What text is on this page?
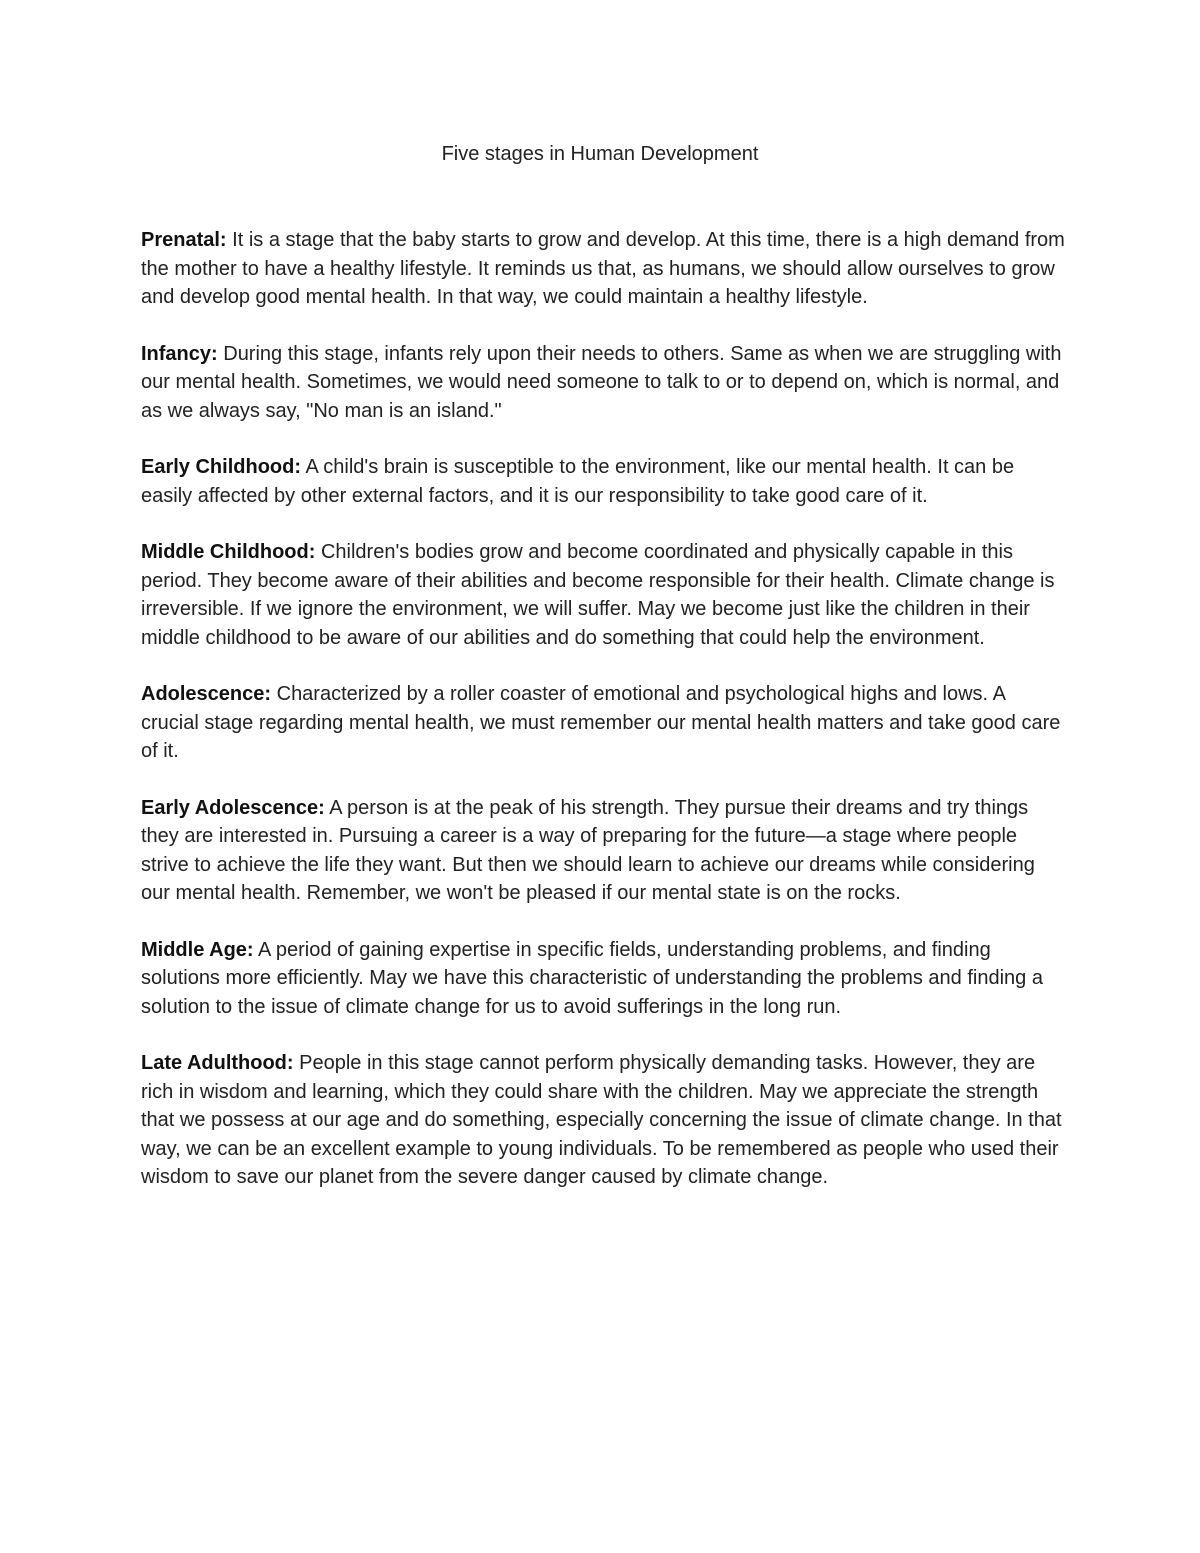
Five stages in Human Development

Prenatal: It is a stage that the baby starts to grow and develop. At this time, there is a high demand from the mother to have a healthy lifestyle. It reminds us that, as humans, we should allow ourselves to grow and develop good mental health. In that way, we could maintain a healthy lifestyle.

Infancy: During this stage, infants rely upon their needs to others. Same as when we are struggling with our mental health. Sometimes, we would need someone to talk to or to depend on, which is normal, and as we always say, "No man is an island."

Early Childhood: A child's brain is susceptible to the environment, like our mental health. It can be easily affected by other external factors, and it is our responsibility to take good care of it.

Middle Childhood: Children's bodies grow and become coordinated and physically capable in this period. They become aware of their abilities and become responsible for their health. Climate change is irreversible. If we ignore the environment, we will suffer. May we become just like the children in their middle childhood to be aware of our abilities and do something that could help the environment.

Adolescence: Characterized by a roller coaster of emotional and psychological highs and lows. A crucial stage regarding mental health, we must remember our mental health matters and take good care of it.

Early Adolescence: A person is at the peak of his strength. They pursue their dreams and try things they are interested in. Pursuing a career is a way of preparing for the future—a stage where people strive to achieve the life they want. But then we should learn to achieve our dreams while considering our mental health. Remember, we won't be pleased if our mental state is on the rocks.

Middle Age: A period of gaining expertise in specific fields, understanding problems, and finding solutions more efficiently. May we have this characteristic of understanding the problems and finding a solution to the issue of climate change for us to avoid sufferings in the long run.

Late Adulthood: People in this stage cannot perform physically demanding tasks. However, they are rich in wisdom and learning, which they could share with the children. May we appreciate the strength that we possess at our age and do something, especially concerning the issue of climate change. In that way, we can be an excellent example to young individuals. To be remembered as people who used their wisdom to save our planet from the severe danger caused by climate change.
